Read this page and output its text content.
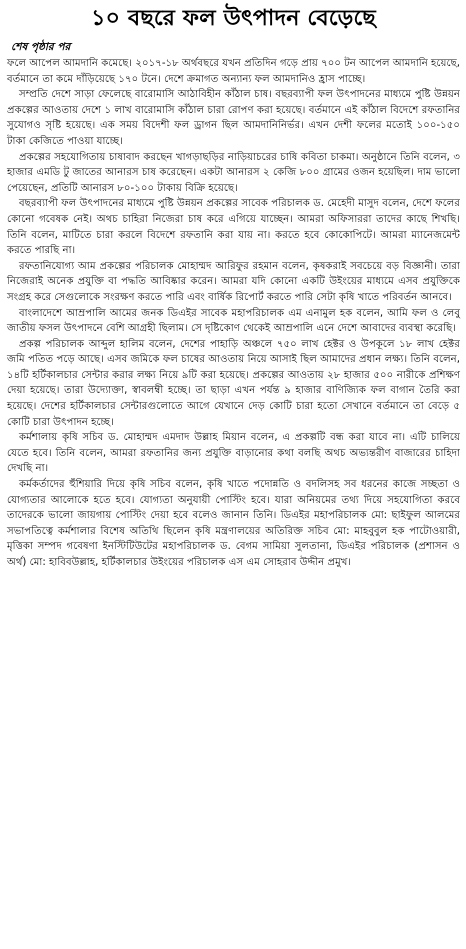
১০ বছরে ফল উৎপাদন বেড়েছে
শেষ পৃষ্ঠার পর

ফলে আপেল আমদানি কমেছে। ২০১৭-১৮ অর্থবছরে যখন প্রতিদিন গড়ে প্রায় ৭০০ টন আপেল আমদানি হয়েছে, বর্তমানে তা কমে দাঁড়িয়েছে ১৭০ টনে। দেশে ক্রমাগত অন্যান্য ফল আমদানিও হ্রাস পাচ্ছে।

সম্প্রতি দেশে সাড়া ফেলেছে বারোমাসি আঠাবিহীন কাঁঠাল চাষ। বছরব্যাপী ফল উৎপাদনের মাধ্যমে পুষ্টি উন্নয়ন প্রকল্পের আওতায় দেশে ১ লাখ বারোমাসি কাঁঠাল চারা রোপণ করা হয়েছে। বর্তমানে এই কাঁঠাল বিদেশে রফতানির সুযোগও সৃষ্টি হয়েছে। এক সময় বিদেশী ফল ড্রাগন ছিল আমদানিনির্ভর। এখন দেশী ফলের মতোই ১০০-১৫০ টাকা কেজিতে পাওয়া যাচ্ছে।

প্রকল্পের সহযোগিতায় চাষাবাদ করছেন খাগড়াছড়ির নাড়িয়াচরের চাষি কবিতা চাকমা। অনুষ্ঠানে তিনি বলেন, ৩ হাজার এমডি টু জাতের আনারস চাষ করেছেন। একটা আনারস ২ কেজি ৮০০ গ্রামের ওজন হয়েছিল। দাম ভালো পেয়েছেন, প্রতিটি আনারস ৮০-১০০ টাকায় বিক্রি হয়েছে।

বছরব্যাপী ফল উৎপাদনের মাধ্যমে পুষ্টি উন্নয়ন প্রকল্পের সাবেক পরিচালক ড. মেহেদী মাসুদ বলেন, দেশে ফলের কোনো গবেষক নেই। অথচ চাহিরা নিজেরা চাষ করে এগিয়ে যাচ্ছেন। আমরা অফিসাররা তাদের কাছে শিখছি। তিনি বলেন, মাটিতে চারা করলে বিদেশে রফতানি করা যায় না। করতে হবে কোকোপিটে। আমরা ম্যানেজমেন্ট করতে পারছি না।

রফতানিযোগ্য আম প্রকল্পের পরিচালক মোহাম্মদ আরিফুর রহমান বলেন, কৃষকরাই সবচেয়ে বড় বিজ্ঞানী। তারা নিজেরাই অনেক প্রযুক্তি বা পদ্ধতি আবিষ্কার করেন। আমরা যদি কোনো একটি উইংয়ের মাধ্যমে এসব প্রযুক্তিকে সংগ্রহ করে সেগুলোকে সংরক্ষণ করতে পারি এবং বার্ষিক রিপোর্ট করতে পারি সেটা কৃষি খাতে পরিবর্তন আনবে।

বাংলাদেশে আম্রপালি আমের জনক ডিএইর সাবেক মহাপরিচালক এম এনামুল হক বলেন, আমি ফল ও লেবু জাতীয় ফসল উৎপাদনে বেশি আগ্রহী ছিলাম। সে দৃষ্টিকোণ থেকেই আম্রপালি এনে দেশে আবাদের ব্যবস্থা করেছি।

প্রকল্প পরিচালক আব্দুল হালিম বলেন, দেশের পাহাড়ি অঞ্চলে ৭৫০ লাখ হেক্টর ও উপকূলে ১৮ লাখ হেক্টর জমি পতিত পড়ে আছে। এসব জমিকে ফল চাষের আওতায় নিয়ে আসাই ছিল আমাদের প্রধান লক্ষ্য। তিনি বলেন, ১৪টি হর্টিকালচার সেন্টার করার লক্ষ্য নিয়ে ৯টি করা হয়েছে। প্রকল্পের আওতায় ২৮ হাজার ৫০০ নারীকে প্রশিক্ষণ দেয়া হয়েছে। তারা উদ্যোক্তা, স্বাবলম্বী হচ্ছে। তা ছাড়া এখন পর্যন্ত ৯ হাজার বাণিজ্যিক ফল বাগান তৈরি করা হয়েছে। দেশের হর্টিকালচার সেন্টারগুলোতে আগে যেখানে দেড় কোটি চারা হতো সেখানে বর্তমানে তা বেড়ে ৫ কোটি চারা উৎপাদন হচ্ছে।

কর্মশালায় কৃষি সচিব ড. মোহাম্মদ এমদাদ উল্লাহ মিয়ান বলেন, এ প্রকল্পটি বন্ধ করা যাবে না। এটি চালিয়ে যেতে হবে। তিনি বলেন, আমরা রফতানির জন্য প্রযুক্তি বাড়ানোর কথা বলছি অথচ অভ্যন্তরীণ বাজারের চাহিদা দেখছি না।

কর্মকর্তাদের হুঁশিয়ারি দিয়ে কৃষি সচিব বলেন, কৃষি খাতে পদোন্নতি ও বদলিসহ সব ধরনের কাজে সচ্ছতা ও যোগ্যতার আলোকে হতে হবে। যোগ্যতা অনুযায়ী পোস্টিং হবে। যারা অনিয়মের তথ্য দিয়ে সহযোগিতা করবে তাদেরকে ভালো জায়গায় পোস্টিং দেয়া হবে বলেও জানান তিনি। ডিএইর মহাপরিচালক মো: ছাইফুল আলমের সভাপতিত্বে কর্মশালার বিশেষ অতিথি ছিলেন কৃষি মন্ত্রণালয়ের অতিরিক্ত সচিব মো: মাহবুবুল হক পাটোওয়ারী, মৃত্তিকা সম্পদ গবেষণা ইনস্টিটিউটের মহাপরিচালক ড. বেগম সামিয়া সুলতানা, ডিএইর পরিচালক (প্রশাসন ও অর্থ) মো: হাবিবউল্লাহ, হর্টিকালচার উইংয়ের পরিচালক এস এম সোহরাব উদ্দীন প্রমুখ।
